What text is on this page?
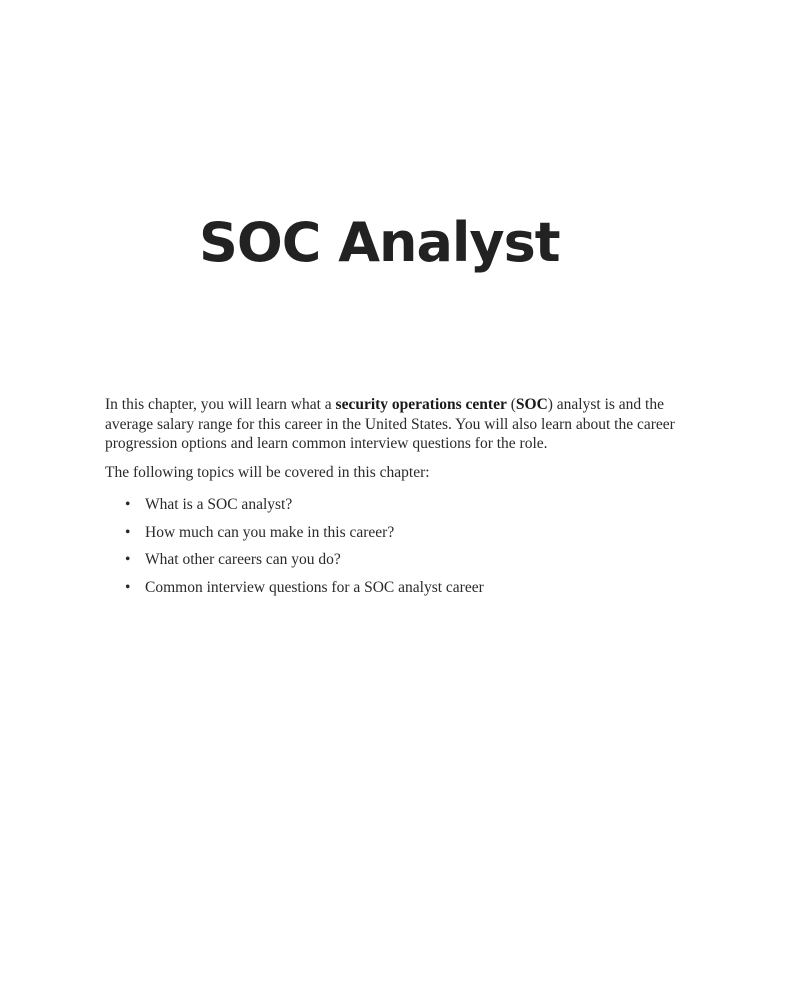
SOC Analyst

In this chapter, you will learn what a security operations center (SOC) analyst is and the average salary range for this career in the United States. You will also learn about the career progression options and learn common interview questions for the role.

The following topics will be covered in this chapter:

• What is a SOC analyst?
• How much can you make in this career?
• What other careers can you do?
• Common interview questions for a SOC analyst career
